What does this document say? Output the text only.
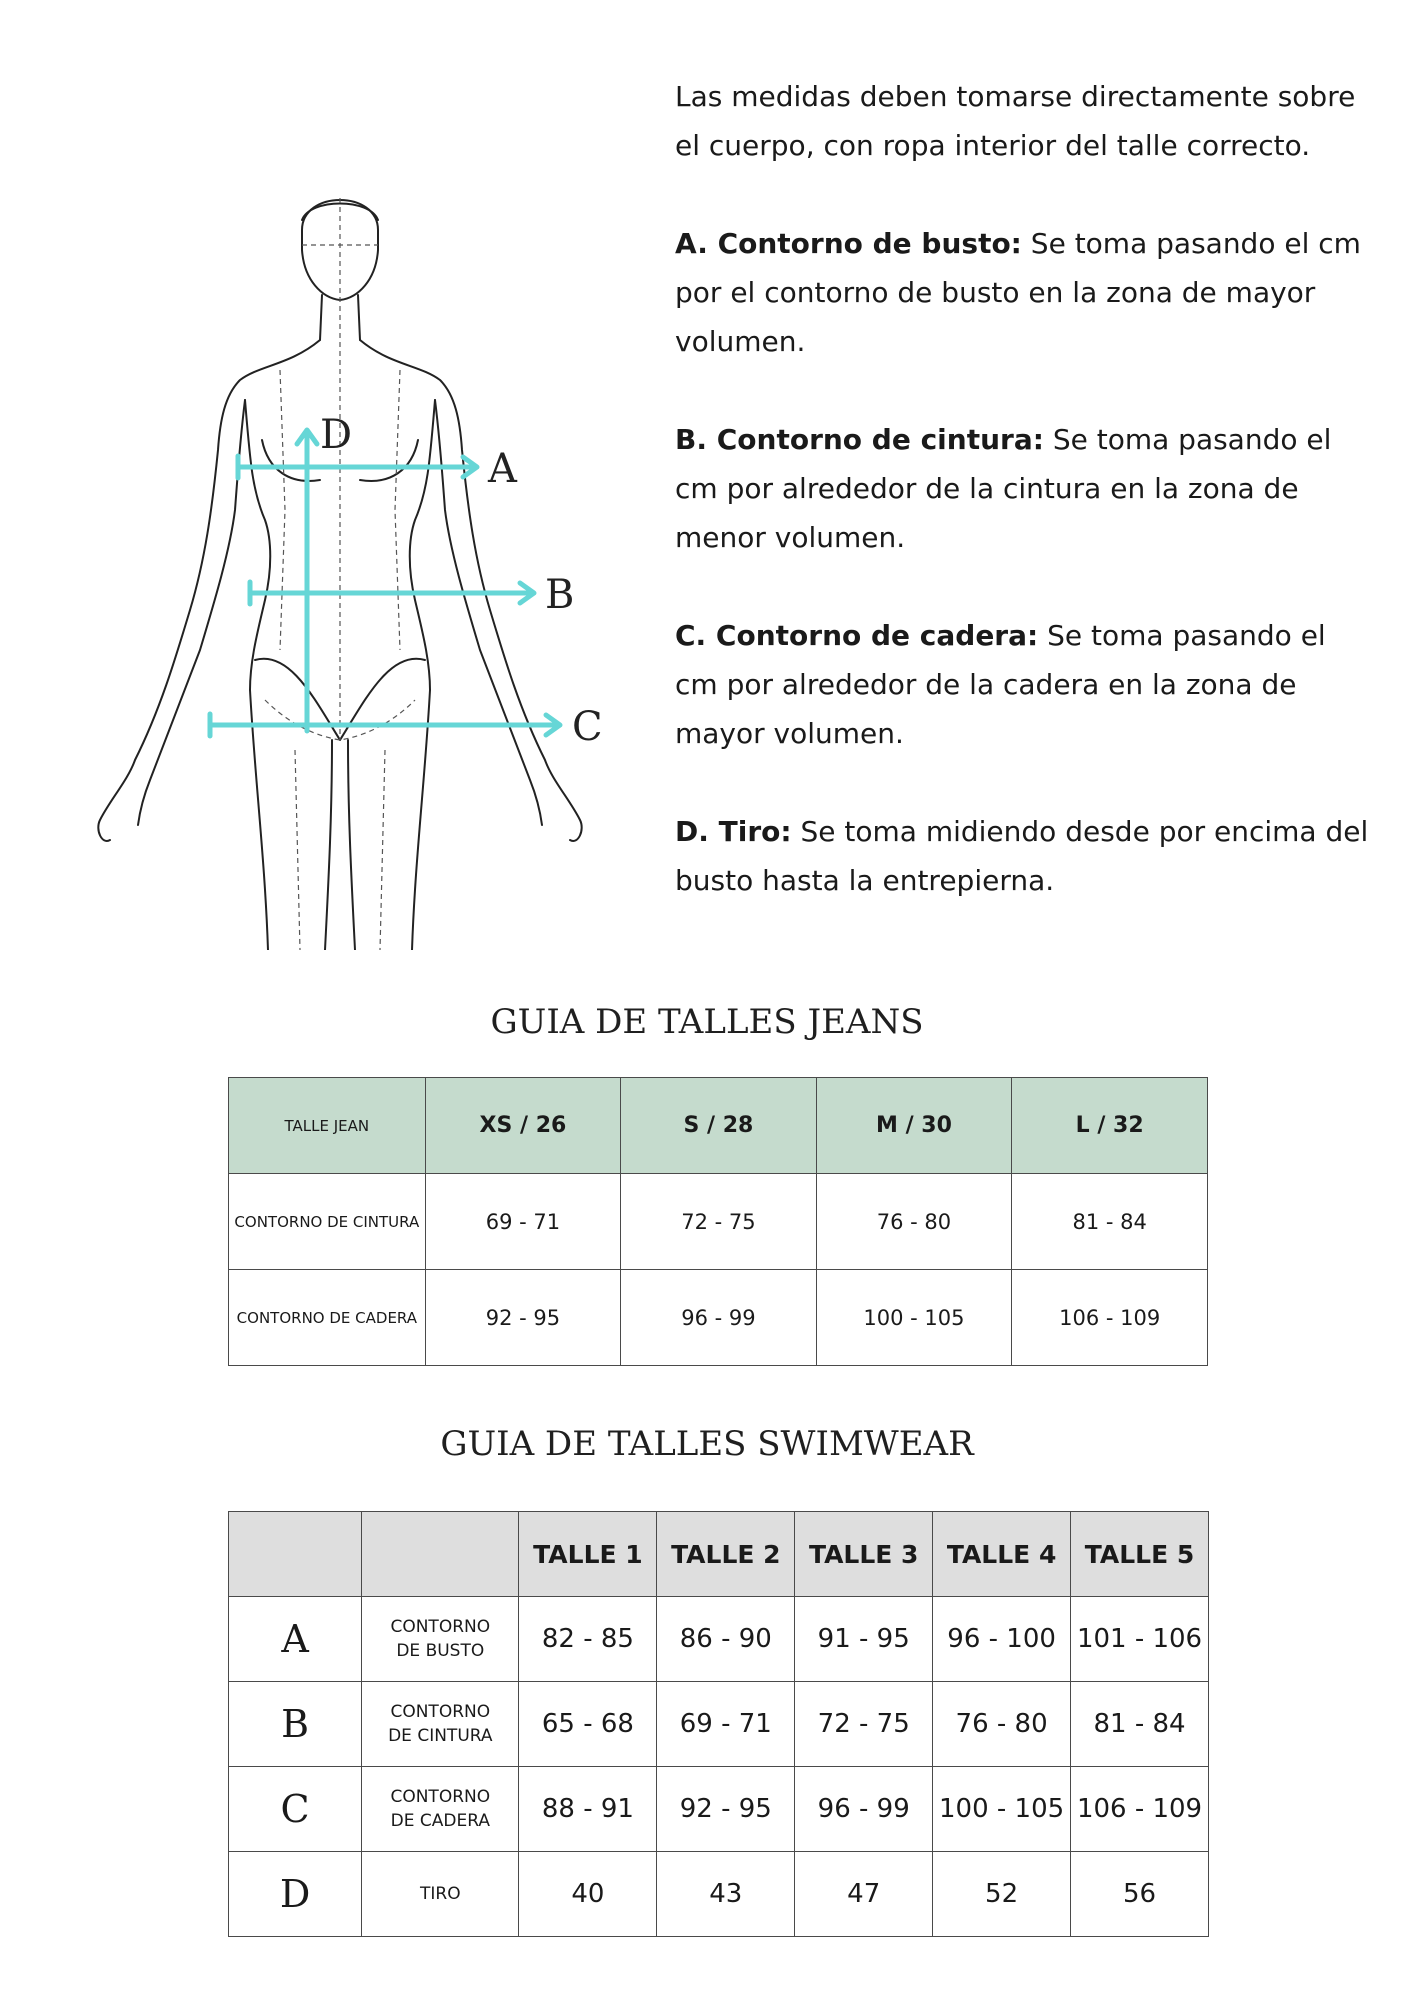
D
A
B
C

Las medidas deben tomarse directamente sobre el cuerpo, con ropa interior del talle correcto.

A. Contorno de busto: Se toma pasando el cm por el contorno de busto en la zona de mayor volumen.

B. Contorno de cintura: Se toma pasando el cm por alrededor de la cintura en la zona de menor volumen.

C. Contorno de cadera: Se toma pasando el cm por alrededor de la cadera en la zona de mayor volumen.

D. Tiro: Se toma midiendo desde por encima del busto hasta la entrepierna.

GUIA DE TALLES JEANS
TALLE JEAN	XS / 26	S / 28	M / 30	L / 32
CONTORNO DE CINTURA	69 - 71	72 - 75	76 - 80	81 - 84
CONTORNO DE CADERA	92 - 95	96 - 99	100 - 105	106 - 109
GUIA DE TALLES SWIMWEAR
		TALLE 1	TALLE 2	TALLE 3	TALLE 4	TALLE 5
A	CONTORNO
DE BUSTO	82 - 85	86 - 90	91 - 95	96 - 100	101 - 106
B	CONTORNO
DE CINTURA	65 - 68	69 - 71	72 - 75	76 - 80	81 - 84
C	CONTORNO
DE CADERA	88 - 91	92 - 95	96 - 99	100 - 105	106 - 109
D	TIRO	40	43	47	52	56
